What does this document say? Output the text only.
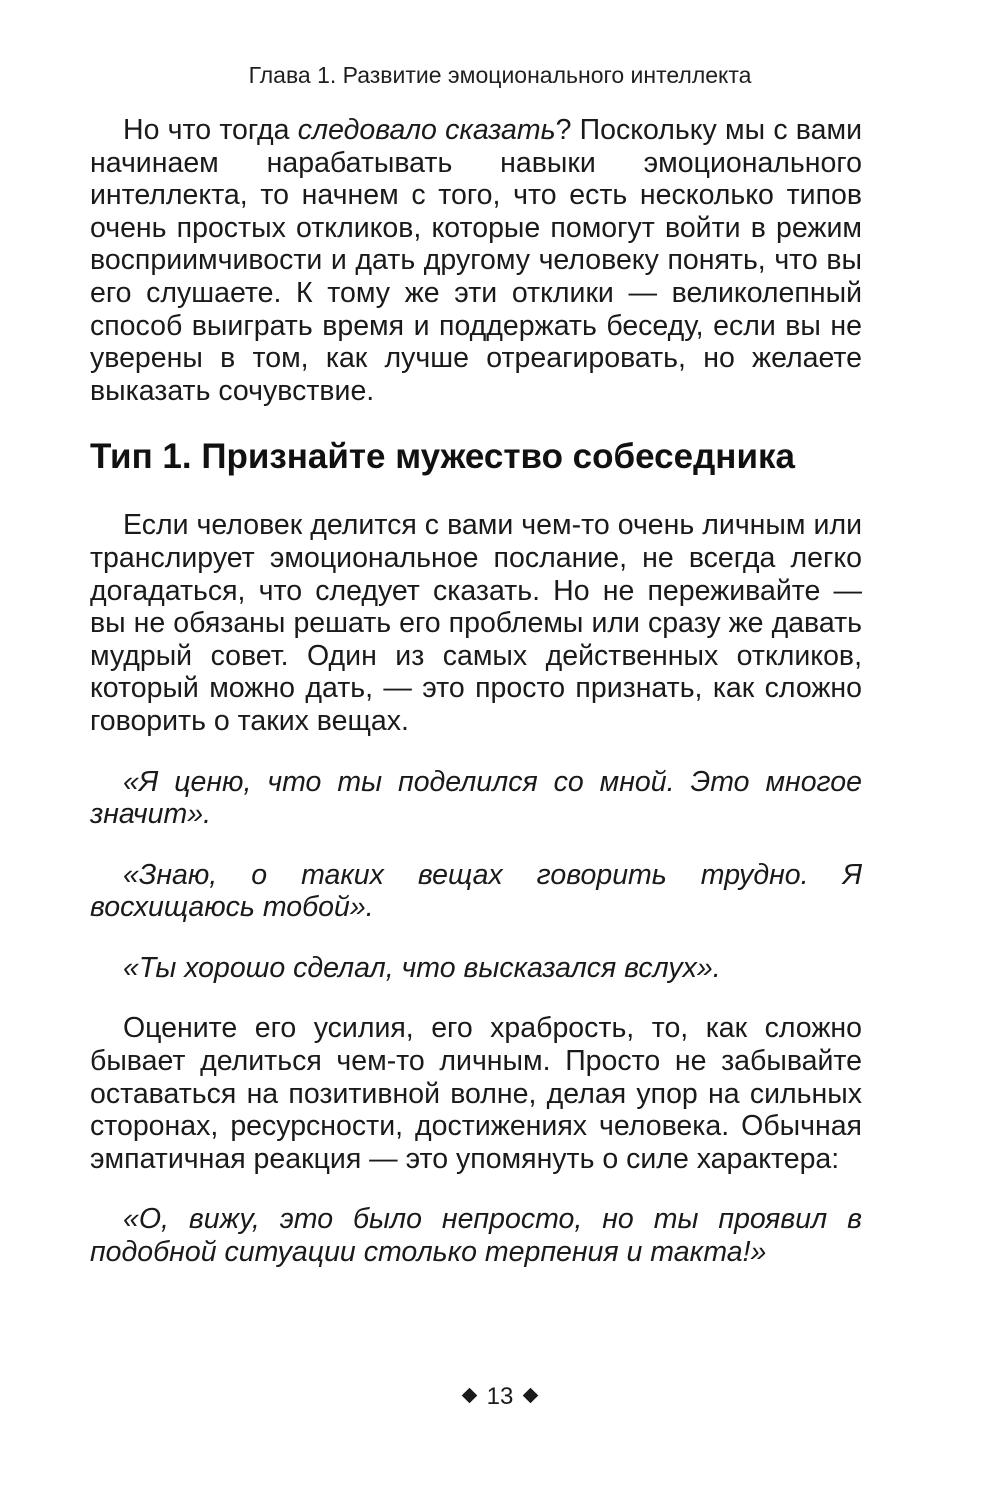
Глава 1. Развитие эмоционального интеллекта

Но что тогда следовало сказать? Поскольку мы с вами начинаем нарабатывать навыки эмоционального интеллекта, то начнем с того, что есть несколько типов очень простых откликов, которые помогут войти в режим восприимчивости и дать другому человеку понять, что вы его слушаете. К тому же эти отклики — великолепный способ выиграть время и поддержать беседу, если вы не уверены в том, как лучше отреагировать, но желаете выказать сочувствие.

Тип 1. Признайте мужество собеседника

Если человек делится с вами чем-то очень личным или транслирует эмоциональное послание, не всегда легко догадаться, что следует сказать. Но не переживайте — вы не обязаны решать его проблемы или сразу же давать мудрый совет. Один из самых действенных откликов, который можно дать, — это просто признать, как сложно говорить о таких вещах.

«Я ценю, что ты поделился со мной. Это многое значит».

«Знаю, о таких вещах говорить трудно. Я восхищаюсь тобой».

«Ты хорошо сделал, что высказался вслух».

Оцените его усилия, его храбрость, то, как сложно бывает делиться чем-то личным. Просто не забывайте оставаться на позитивной волне, делая упор на сильных сторонах, ресурсности, достижениях человека. Обычная эмпатичная реакция — это упомянуть о силе характера:

«О, вижу, это было непросто, но ты проявил в подобной ситуации столько терпения и такта!»

13
